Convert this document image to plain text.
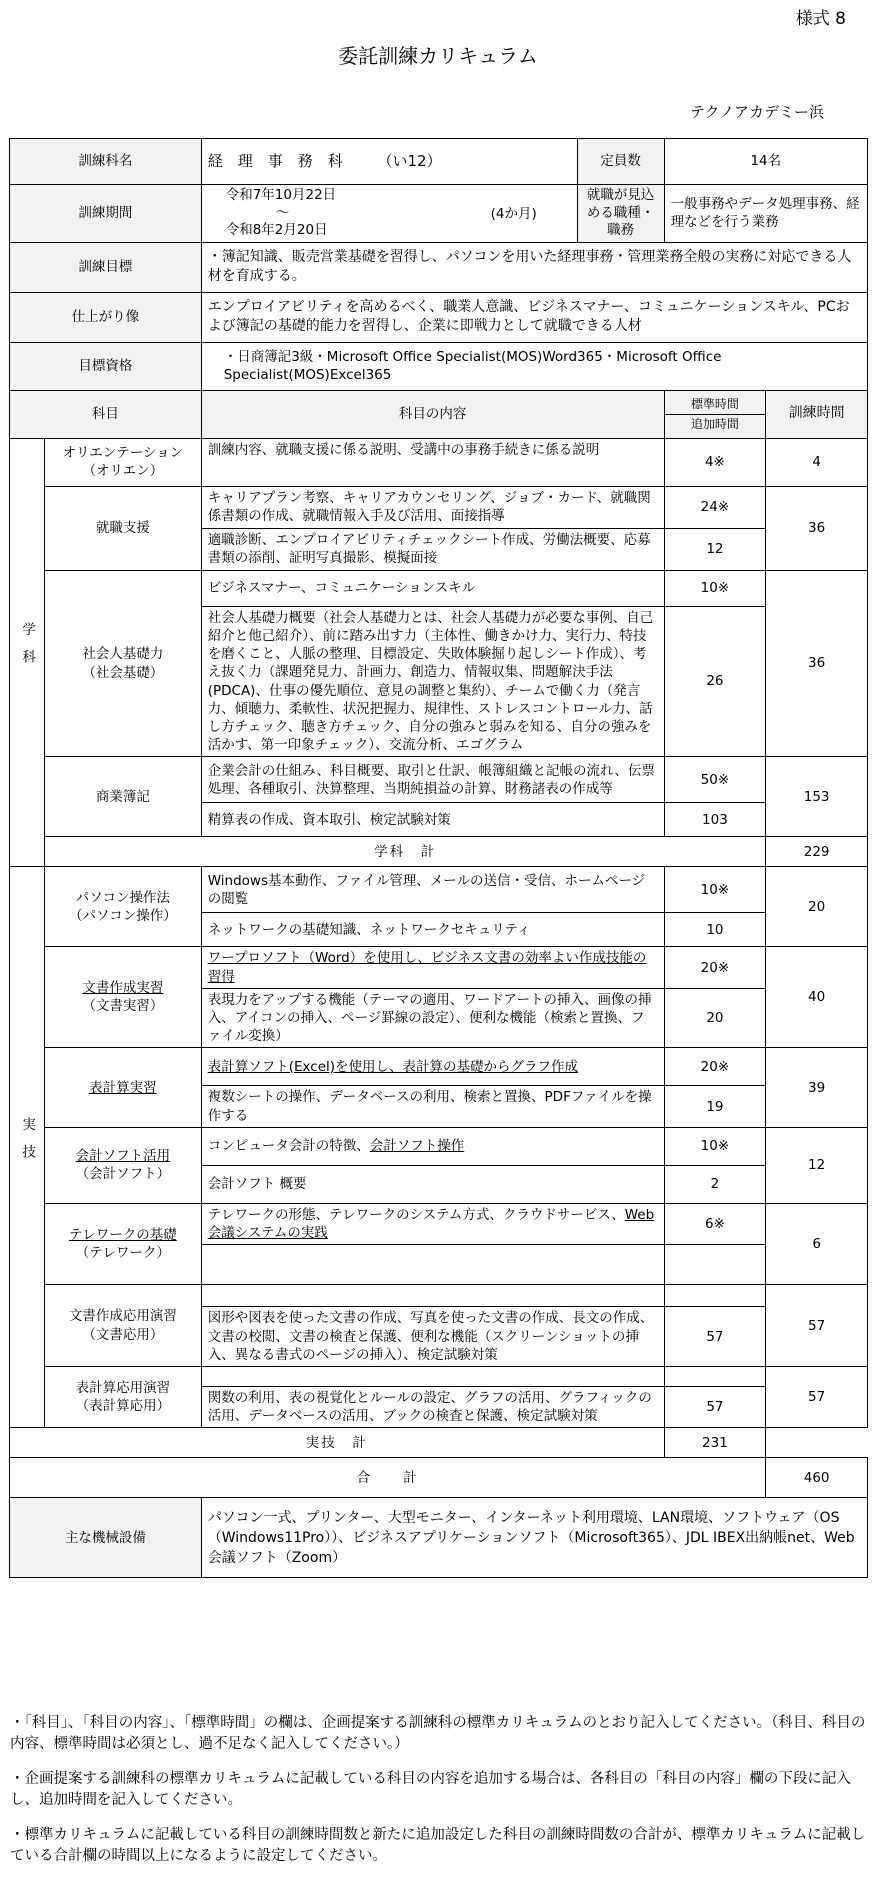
様式 8
委託訓練カリキュラム
テクノアカデミー浜
訓練科名		経　理　事　務　科 （い12）	定員数	14名	
訓練期間		令和7年10月22日
～
令和8年2月20日
(4か月)	就職が見込める職種・職務	一般事務やデータ処理事務、経理などを行う業務	
訓練目標		・簿記知識、販売営業基礎を習得し、パソコンを用いた経理事務・管理業務全般の実務に対応できる人材を育成する。			
仕上がり像		エンプロイアビリティを高めるべく、職業人意識、ビジネスマナー、コミュニケーションスキル、PCおよび簿記の基礎的能力を習得し、企業に即戦力として就職できる人材			
目標資格		・日商簿記3級・Microsoft Office Specialist(MOS)Word365・Microsoft Office Specialist(MOS)Excel365			
科目		科目の内容		標準時間
追加時間	訓練時間
学科	オリエンテーション
（オリエン）	訓練内容、就職支援に係る説明、受講中の事務手続きに係る説明		4※	4

	就職支援	キャリアプラン考察、キャリアカウンセリング、ジョブ・カード、就職関係書類の作成、就職情報入手及び活用、面接指導		24※	36
		適職診断、エンプロイアビリティチェックシート作成、労働法概要、応募書類の添削、証明写真撮影、模擬面接		12	

	社会人基礎力
（社会基礎）	ビジネスマナー、コミュニケーションスキル		10※	36
		社会人基礎力概要（社会人基礎力とは、社会人基礎力が必要な事例、自己紹介と他己紹介）、前に踏み出す力（主体性、働きかけ力、実行力、特技を磨くこと、人脈の整理、目標設定、失敗体験掘り起しシート作成）、考え抜く力（課題発見力、計画力、創造力、情報収集、問題解決手法(PDCA)、仕事の優先順位、意見の調整と集約）、チームで働く力（発言力、傾聴力、柔軟性、状況把握力、規律性、ストレスコントロール力、話し方チェック、聴き方チェック、自分の強みと弱みを知る、自分の強みを活かす、第一印象チェック）、交流分析、エゴグラム		26	

	商業簿記	企業会計の仕組み、科目概要、取引と仕訳、帳簿組織と記帳の流れ、伝票処理、各種取引、決算整理、当期純損益の計算、財務諸表の作成等		50※	153
		精算表の作成、資本取引、検定試験対策		103	
	学科　計				229
実技	パソコン操作法
（パソコン操作）	Windows基本動作、ファイル管理、メールの送信・受信、ホームページの閲覧		10※	20
		ネットワークの基礎知識、ネットワークセキュリティ		10	

	文書作成実習
（文書実習）	ワープロソフト（Word）を使用し、ビジネス文書の効率よい作成技能の習得		20※	40
		表現力をアップする機能（テーマの適用、ワードアートの挿入、画像の挿入、アイコンの挿入、ページ罫線の設定）、便利な機能（検索と置換、ファイル変換）		20	

	表計算実習	表計算ソフト(Excel)を使用し、表計算の基礎からグラフ作成		20※	39
		複数シートの操作、データベースの利用、検索と置換、PDFファイルを操作する		19	

	会計ソフト活用
（会計ソフト）	コンピュータ会計の特徴、会計ソフト操作		10※	12
		会計ソフト 概要		2	

	テレワークの基礎
（テレワーク）	テレワークの形態、テレワークのシステム方式、クラウドサービス、Web会議システムの実践		6※	6

	文書作成応用演習
（文書応用）				57
		図形や図表を使った文書の作成、写真を使った文書の作成、長文の作成、文書の校閲、文書の検査と保護、便利な機能（スクリーンショットの挿入、異なる書式のページの挿入）、検定試験対策		57	

	表計算応用演習
（表計算応用）				57
		関数の利用、表の視覚化とルールの設定、グラフの活用、グラフィックの活用、データベースの活用、ブックの検査と保護、検定試験対策		57	
実技　計				231	
合　　計					460
主な機械設備		パソコン一式、プリンター、大型モニター、インターネット利用環境、LAN環境、ソフトウェア（OS（Windows11Pro））、ビジネスアプリケーションソフト（Microsoft365）、JDL IBEX出納帳net、Web会議ソフト（Zoom）			

・「科目」、「科目の内容」、「標準時間」の欄は、企画提案する訓練科の標準カリキュラムのとおり記入してください。（科目、科目の内容、標準時間は必須とし、過不足なく記入してください。）

・企画提案する訓練科の標準カリキュラムに記載している科目の内容を追加する場合は、各科目の「科目の内容」欄の下段に記入し、追加時間を記入してください。

・標準カリキュラムに記載している科目の訓練時間数と新たに追加設定した科目の訓練時間数の合計が、標準カリキュラムに記載している合計欄の時間以上になるように設定してください。
